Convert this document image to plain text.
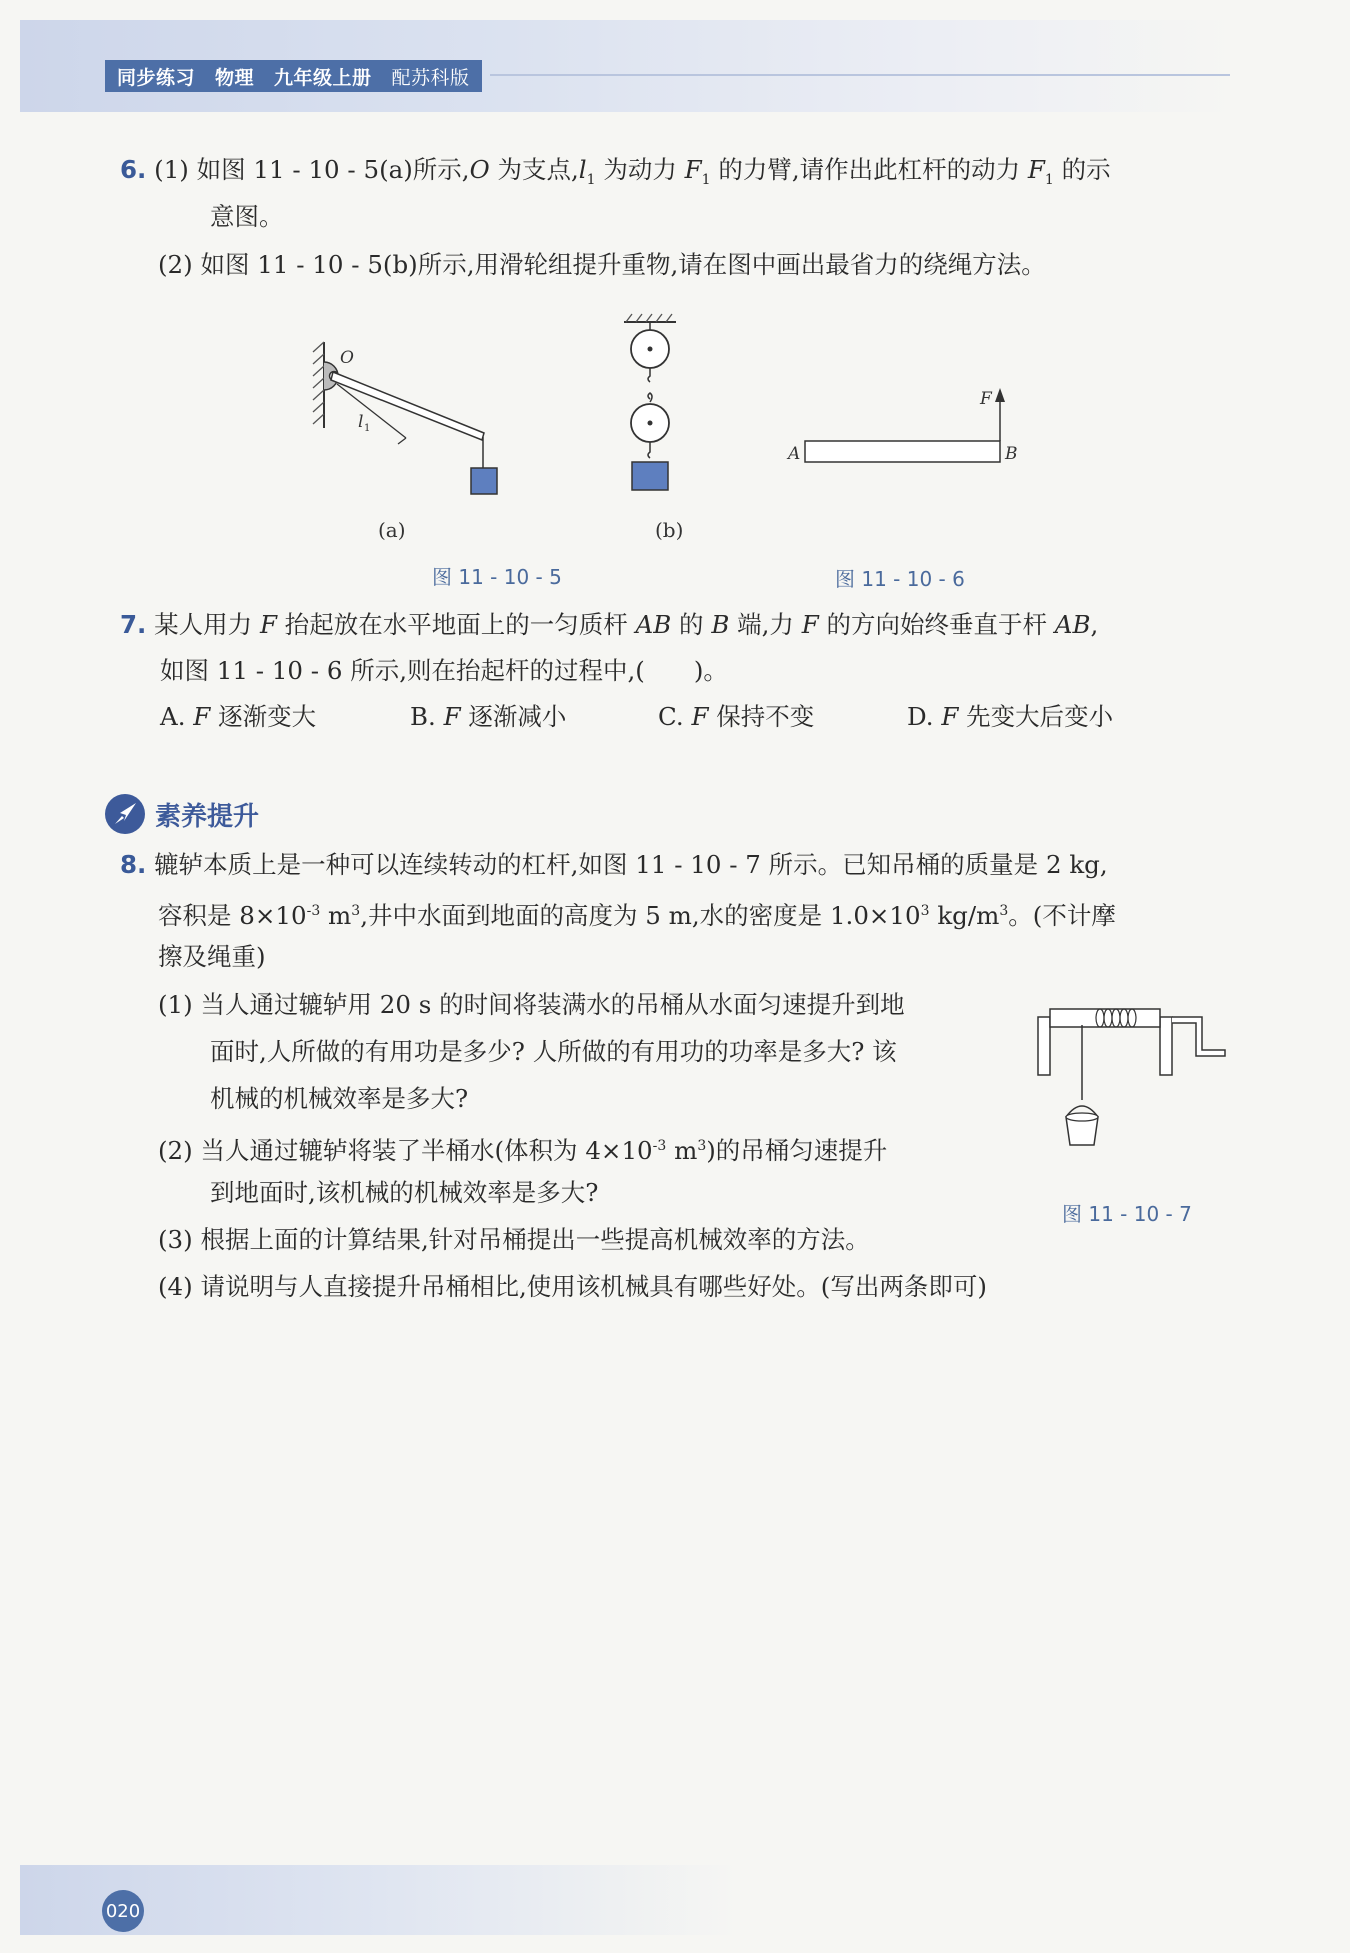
同步练习 物理 九年级上册 配苏科版
6. (1) 如图 11 - 10 - 5(a)所示,O 为支点$,l_1$ 为动力 $F_1$ 的力臂,请作出此杠杆的动力 $F_1$ 的示
意图。
(2) 如图 11 - 10 - 5(b)所示,用滑轮组提升重物,请在图中画出最省力的绕绳方法。
O
l 1
(a)	(b)
图 11 - 10 - 5
F
A	B
图 11 - 10 - 6
7. 某人用力 F 抬起放在水平地面上的一匀质杆 AB 的 B 端,力 F 的方向始终垂直于杆 AB,
如图 11 - 10 - 6 所示,则在抬起杆的过程中,(　　)。
A. F 逐渐变大	B. F 逐渐减小	C. F 保持不变	D. F 先变大后变小
素养提升
8. 辘轳本质上是一种可以连续转动的杠杆,如图 11 - 10 - 7 所示。已知吊桶的质量是 2 kg,
容积是 $8\times 10^{-3}$ $m^3$,井中水面到地面的高度为 5 m,水的密度是 $1.0\times 10^3$ $kg/m^3$。(不计摩
擦及绳重)
(1) 当人通过辘轳用 20 s 的时间将装满水的吊桶从水面匀速提升到地
面时,人所做的有用功是多少? 人所做的有用功的功率是多大? 该
机械的机械效率是多大?
(2) 当人通过辘轳将装了半桶水(体积为 $4\times 10^{-3}$ $m^3$)的吊桶匀速提升
到地面时,该机械的机械效率是多大?
图 11 - 10 - 7
(3) 根据上面的计算结果,针对吊桶提出一些提高机械效率的方法。
(4) 请说明与人直接提升吊桶相比,使用该机械具有哪些好处。(写出两条即可)
020
